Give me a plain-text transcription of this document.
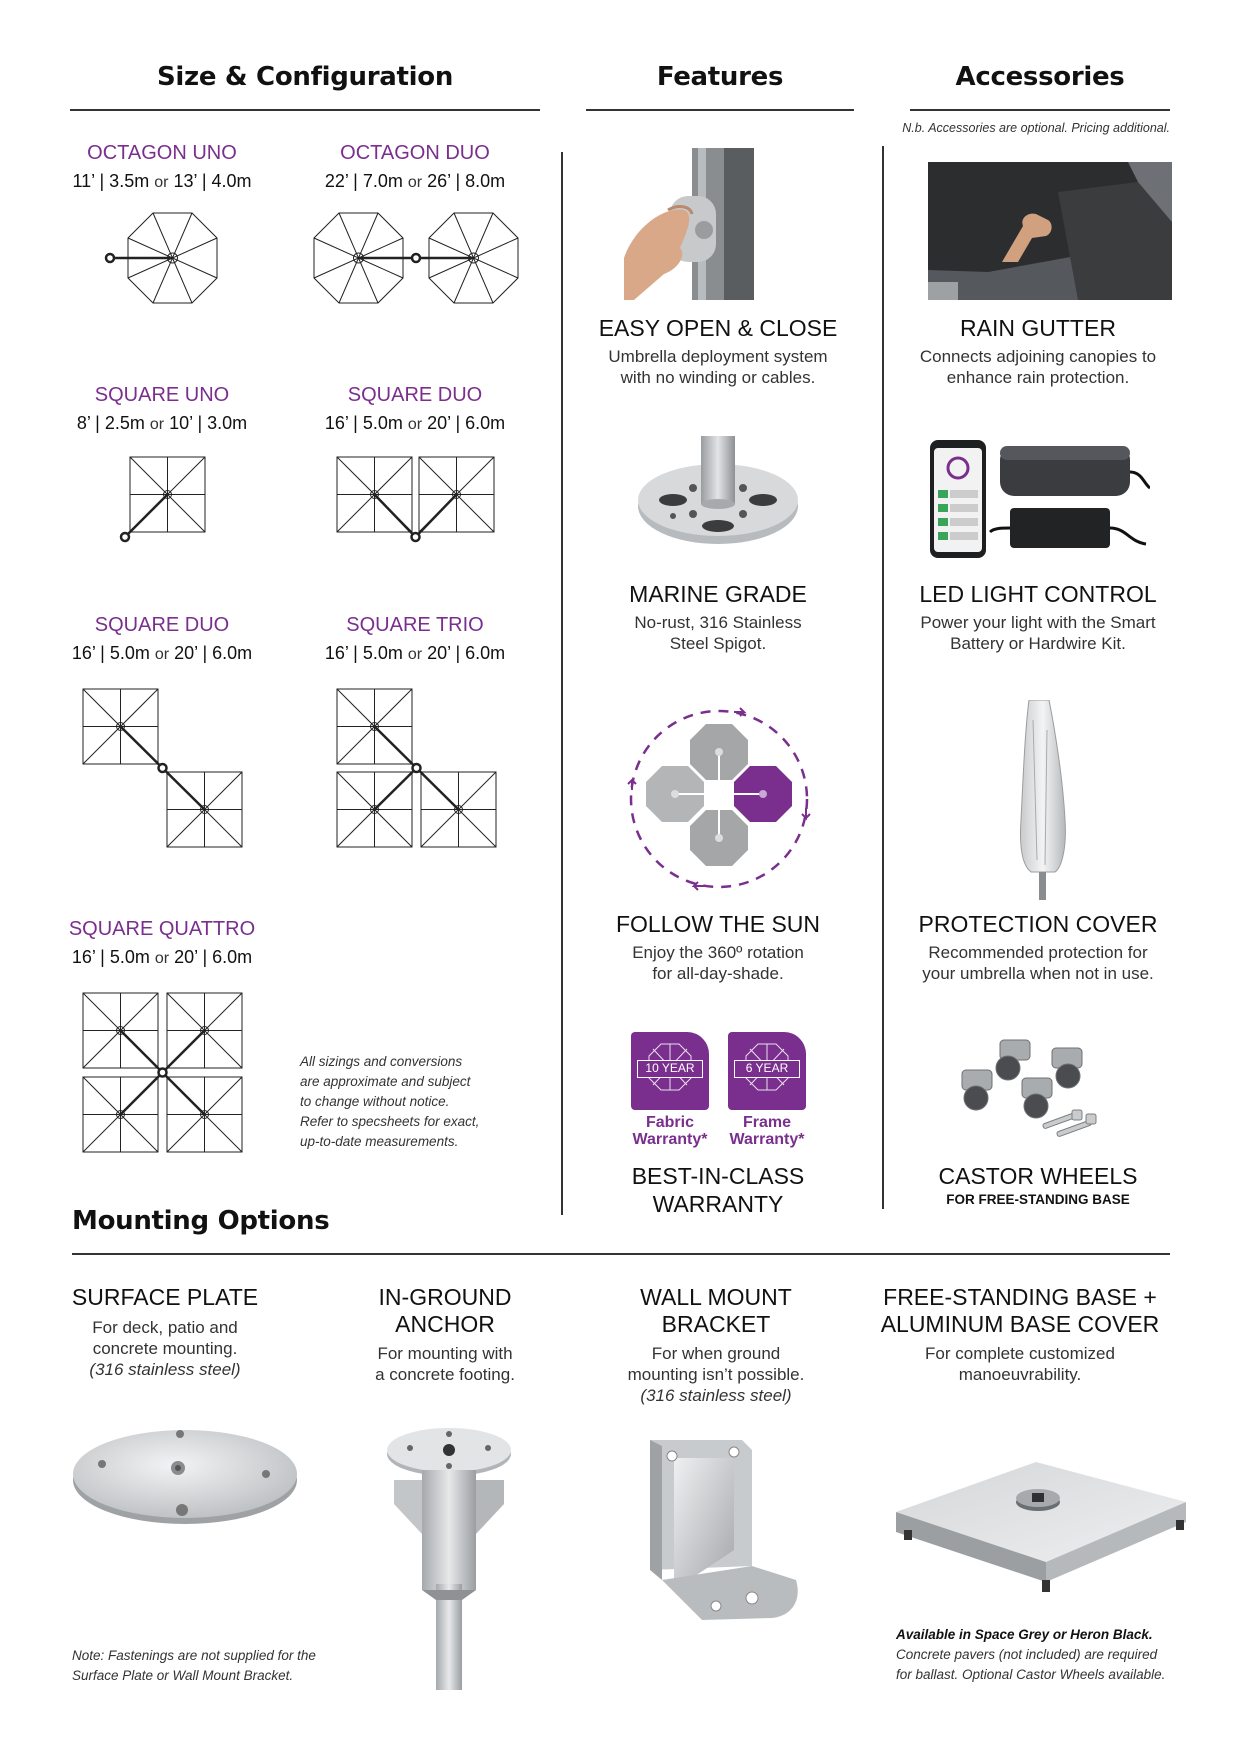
Size & Configuration	Features	Accessories
N.b. Accessories are optional. Pricing additional.
OCTAGON UNO
11’ | 3.5m or 13’ | 4.0m
OCTAGON DUO
22’ | 7.0m or 26’ | 8.0m
SQUARE UNO
8’ | 2.5m or 10’ | 3.0m
SQUARE DUO
16’ | 5.0m or 20’ | 6.0m
SQUARE DUO
16’ | 5.0m or 20’ | 6.0m
SQUARE TRIO
16’ | 5.0m or 20’ | 6.0m
SQUARE QUATTRO
16’ | 5.0m or 20’ | 6.0m
All sizings and conversions
are approximate and subject
to change without notice.
Refer to specsheets for exact,
up-to-date measurements.
EASY OPEN & CLOSE
Umbrella deployment system
with no winding or cables.
MARINE GRADE
No-rust, 316 Stainless
Steel Spigot.
FOLLOW THE SUN
Enjoy the 360º rotation
for all-day-shade.
10 YEAR
Fabric
Warranty*
6 YEAR
Frame
Warranty*
BEST-IN-CLASS
WARRANTY
RAIN GUTTER
Connects adjoining canopies to
enhance rain protection.
LED LIGHT CONTROL
Power your light with the Smart
Battery or Hardwire Kit.
PROTECTION COVER
Recommended protection for
your umbrella when not in use.
CASTOR WHEELS
FOR FREE-STANDING BASE
Mounting Options
SURFACE PLATE
For deck, patio and
concrete mounting.
(316 stainless steel)
IN-GROUND
ANCHOR
For mounting with
a concrete footing.
WALL MOUNT
BRACKET
For when ground
mounting isn’t possible.
(316 stainless steel)
FREE-STANDING BASE +
ALUMINUM BASE COVER
For complete customized
manoeuvrability.
Note: Fastenings are not supplied for the
Surface Plate or Wall Mount Bracket.
Available in Space Grey or Heron Black.
Concrete pavers (not included) are required
for ballast. Optional Castor Wheels available.
